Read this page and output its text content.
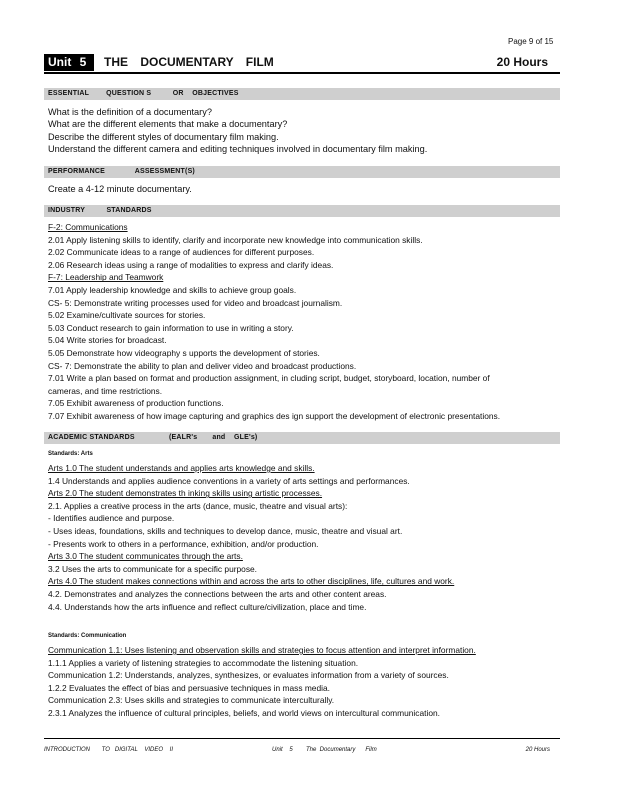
Page 9 of 15
Unit 5	THE DOCUMENTARY FILM	20 Hours
ESSENTIAL        QUESTION S          OR    OBJECTIVES
What is the definition of a documentary?
What are the different elements that make a documentary?
Describe the different styles of documentary film making.
Understand the different camera and editing techniques involved in documentary film making.
PERFORMANCE              ASSESSMENT(S)
Create a 4-12 minute documentary.
INDUSTRY          STANDARDS
F-2: Communications
2.01 Apply listening skills to identify, clarify and incorporate new knowledge into communication skills.
2.02 Communicate ideas to a range of audiences for different purposes.
2.06 Research ideas using a range of modalities to express and clarify ideas.
F-7: Leadership and Teamwork
7.01 Apply leadership knowledge and skills to achieve group goals.
CS- 5: Demonstrate writing processes used for video and broadcast journalism.
5.02 Examine/cultivate sources for stories.
5.03 Conduct research to gain information to use in writing a story.
5.04 Write stories for broadcast.
5.05 Demonstrate how videography s upports the development of stories.
CS- 7: Demonstrate the ability to plan and deliver video and broadcast productions.
7.01 Write a plan based on format and production assignment, in cluding script, budget, storyboard, location, number of
cameras, and time restrictions.
7.05 Exhibit awareness of production functions.
7.07 Exhibit awareness of how image capturing and graphics des ign support the development of electronic presentations.
ACADEMIC STANDARDS                (EALR's       and    GLE's)
Standards: Arts
Arts 1.0 The student understands and applies arts knowledge and skills.
1.4 Understands and applies audience conventions in a variety of arts settings and performances.
Arts 2.0 The student demonstrates th inking skills using artistic processes.
2.1. Applies a creative process in the arts (dance, music, theatre and visual arts):
- Identifies audience and purpose.
- Uses ideas, foundations, skills and techniques to develop dance, music, theatre and visual art.
- Presents work to others in a performance, exhibition, and/or production.
Arts 3.0 The student communicates through the arts.
3.2 Uses the arts to communicate for a specific purpose.
Arts 4.0 The student makes connections within and across the arts to other disciplines, life, cultures and work.
4.2. Demonstrates and analyzes the connections between the arts and other content areas.
4.4. Understands how the arts influence and reflect culture/civilization, place and time.
Standards: Communication
Communication 1.1: Uses listening and observation skills and strategies to focus attention and interpret information.
1.1.1 Applies a variety of listening strategies to accommodate the listening situation.
Communication 1.2: Understands, analyzes, synthesizes, or evaluates information from a variety of sources.
1.2.2 Evaluates the effect of bias and persuasive techniques in mass media.
Communication 2.3: Uses skills and strategies to communicate interculturally.
2.3.1 Analyzes the influence of cultural principles, beliefs, and world views on intercultural communication.
INTRODUCTION       TO   DIGITAL    VIDEO    II	Unit    5        The  Documentary      Film	20 Hours
